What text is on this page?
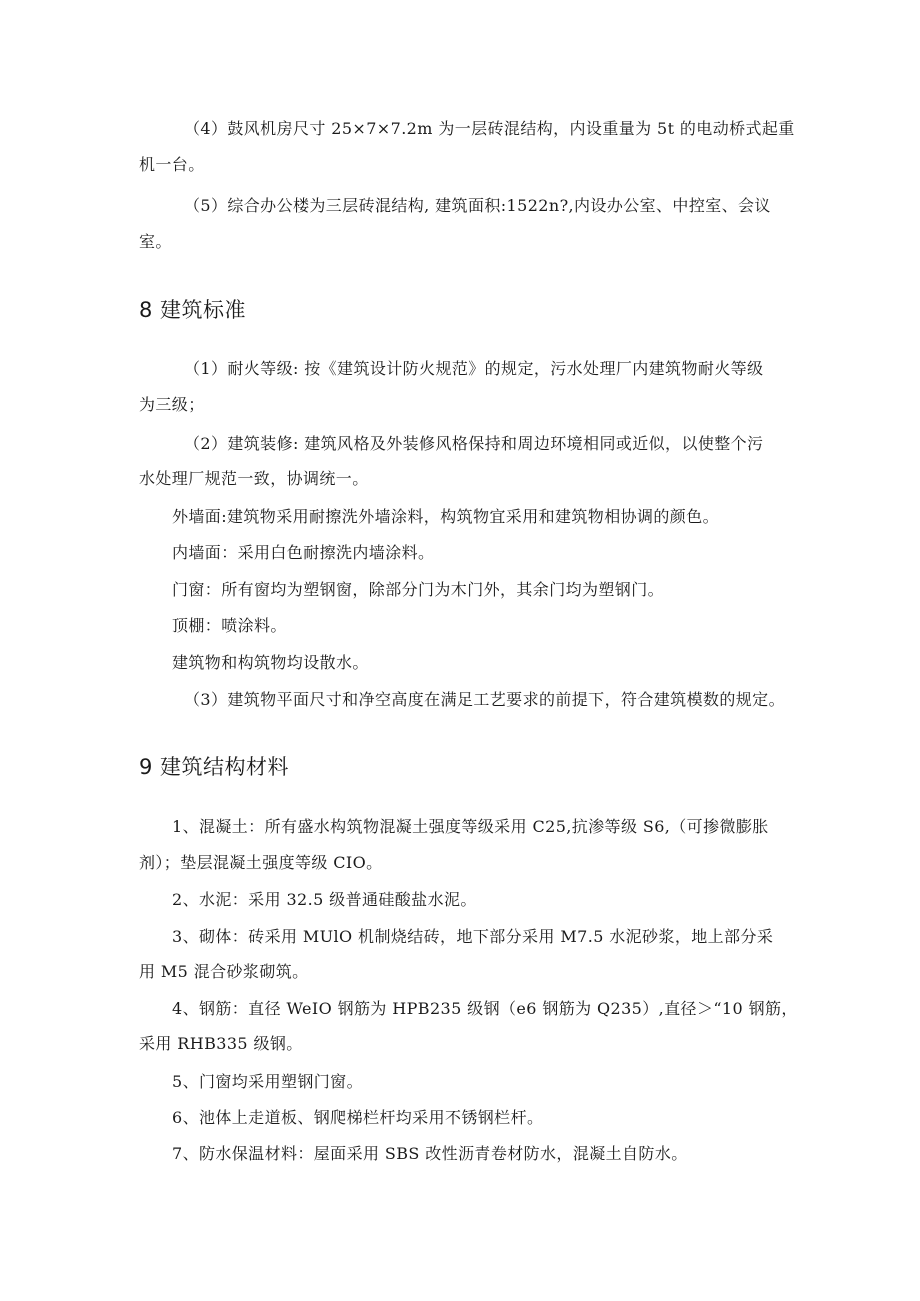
（4）鼓风机房尺寸 25×7×7.2m 为一层砖混结构，内设重量为 5t 的电动桥式起重
机一台。
（5）综合办公楼为三层砖混结构, 建筑面积:1522n?,内设办公室、中控室、会议
室。
8 建筑标准
（1）耐火等级: 按《建筑设计防火规范》的规定，污水处理厂内建筑物耐火等级
为三级；
（2）建筑装修: 建筑风格及外装修风格保持和周边环境相同或近似，以使整个污
水处理厂规范一致，协调统一。
外墙面:建筑物采用耐擦洗外墙涂料，构筑物宜采用和建筑物相协调的颜色。
内墙面：采用白色耐擦洗内墙涂料。
门窗：所有窗均为塑钢窗，除部分门为木门外，其余门均为塑钢门。
顶棚：喷涂料。
建筑物和构筑物均设散水。
（3）建筑物平面尺寸和净空高度在满足工艺要求的前提下，符合建筑模数的规定。
9 建筑结构材料
1、混凝土：所有盛水构筑物混凝土强度等级采用 C25,抗渗等级 S6,（可掺微膨胀
剂）；垫层混凝土强度等级 CIO。
2、水泥：采用 32.5 级普通硅酸盐水泥。
3、砌体：砖采用 MUlO 机制烧结砖，地下部分采用 M7.5 水泥砂浆，地上部分采
用 M5 混合砂浆砌筑。
4、钢筋：直径 WeIO 钢筋为 HPB235 级钢（e6 钢筋为 Q235）,直径＞“10 钢筋，
采用 RHB335 级钢。
5、门窗均采用塑钢门窗。
6、池体上走道板、钢爬梯栏杆均采用不锈钢栏杆。
7、防水保温材料：屋面采用 SBS 改性沥青卷材防水，混凝土自防水。
